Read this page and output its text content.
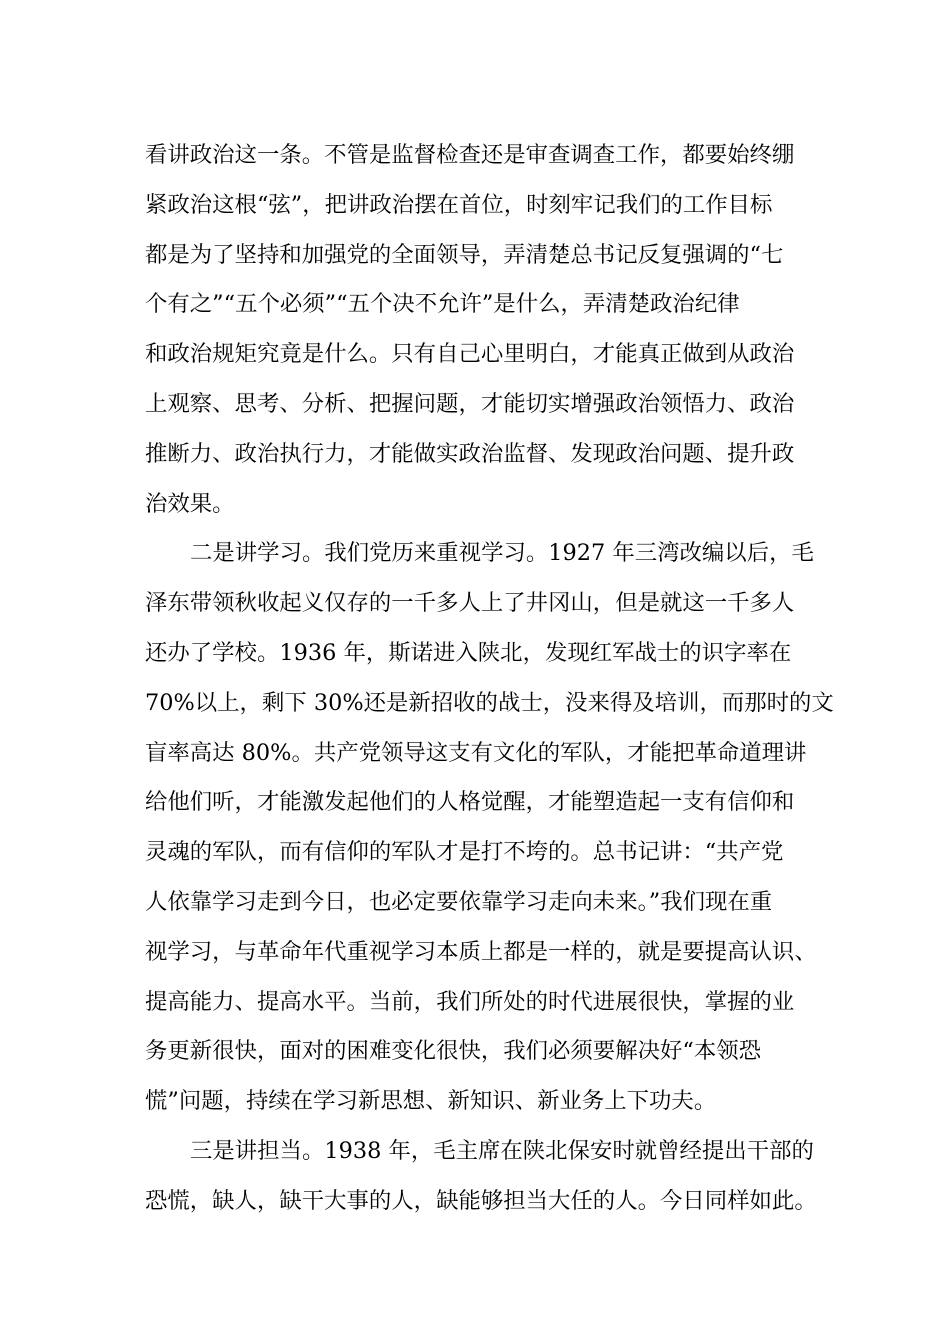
看讲政治这一条。不管是监督检查还是审查调查工作，都要始终绷
紧政治这根“弦”，把讲政治摆在首位，时刻牢记我们的工作目标
都是为了坚持和加强党的全面领导，弄清楚总书记反复强调的“七
个有之”“五个必须”“五个决不允许”是什么，弄清楚政治纪律
和政治规矩究竟是什么。只有自己心里明白，才能真正做到从政治
上观察、思考、分析、把握问题，才能切实增强政治领悟力、政治
推断力、政治执行力，才能做实政治监督、发现政治问题、提升政
治效果。
二是讲学习。我们党历来重视学习。1927 年三湾改编以后，毛
泽东带领秋收起义仅存的一千多人上了井冈山，但是就这一千多人
还办了学校。1936 年，斯诺进入陕北，发现红军战士的识字率在
70%以上，剩下 30%还是新招收的战士，没来得及培训，而那时的文
盲率高达 80%。共产党领导这支有文化的军队，才能把革命道理讲
给他们听，才能激发起他们的人格觉醒，才能塑造起一支有信仰和
灵魂的军队，而有信仰的军队才是打不垮的。总书记讲：“共产党
人依靠学习走到今日，也必定要依靠学习走向未来。”我们现在重
视学习，与革命年代重视学习本质上都是一样的，就是要提高认识、
提高能力、提高水平。当前，我们所处的时代进展很快，掌握的业
务更新很快，面对的困难变化很快，我们必须要解决好“本领恐
慌”问题，持续在学习新思想、新知识、新业务上下功夫。
三是讲担当。1938 年，毛主席在陕北保安时就曾经提出干部的
恐慌，缺人，缺干大事的人，缺能够担当大任的人。今日同样如此。
